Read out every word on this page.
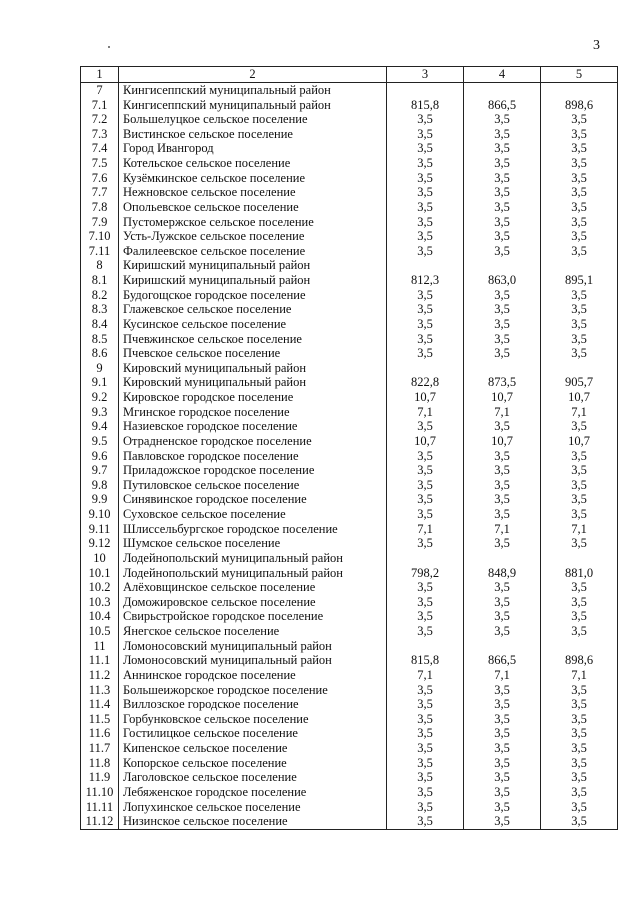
3
1	2	3	4	5
7	Кингисеппский муниципальный район			
7.1	Кингисеппский муниципальный район	815,8	866,5	898,6
7.2	Большелуцкое сельское поселение	3,5	3,5	3,5
7.3	Вистинское сельское поселение	3,5	3,5	3,5
7.4	Город Ивангород	3,5	3,5	3,5
7.5	Котельское сельское поселение	3,5	3,5	3,5
7.6	Кузёмкинское сельское поселение	3,5	3,5	3,5
7.7	Нежновское сельское поселение	3,5	3,5	3,5
7.8	Опольевское сельское поселение	3,5	3,5	3,5
7.9	Пустомержское сельское поселение	3,5	3,5	3,5
7.10	Усть-Лужское сельское поселение	3,5	3,5	3,5
7.11	Фалилеевское сельское поселение	3,5	3,5	3,5
8	Киришский муниципальный район			
8.1	Киришский муниципальный район	812,3	863,0	895,1
8.2	Будогощское городское поселение	3,5	3,5	3,5
8.3	Глажевское сельское поселение	3,5	3,5	3,5
8.4	Кусинское сельское поселение	3,5	3,5	3,5
8.5	Пчевжинское сельское поселение	3,5	3,5	3,5
8.6	Пчевское сельское поселение	3,5	3,5	3,5
9	Кировский муниципальный район			
9.1	Кировский муниципальный район	822,8	873,5	905,7
9.2	Кировское городское поселение	10,7	10,7	10,7
9.3	Мгинское городское поселение	7,1	7,1	7,1
9.4	Назиевское городское поселение	3,5	3,5	3,5
9.5	Отрадненское городское поселение	10,7	10,7	10,7
9.6	Павловское городское поселение	3,5	3,5	3,5
9.7	Приладожское городское поселение	3,5	3,5	3,5
9.8	Путиловское сельское поселение	3,5	3,5	3,5
9.9	Синявинское городское поселение	3,5	3,5	3,5
9.10	Суховское сельское поселение	3,5	3,5	3,5
9.11	Шлиссельбургское городское поселение	7,1	7,1	7,1
9.12	Шумское сельское поселение	3,5	3,5	3,5
10	Лодейнопольский муниципальный район			
10.1	Лодейнопольский муниципальный район	798,2	848,9	881,0
10.2	Алёховщинское сельское поселение	3,5	3,5	3,5
10.3	Доможировское сельское поселение	3,5	3,5	3,5
10.4	Свирьстройское городское поселение	3,5	3,5	3,5
10.5	Янегское сельское поселение	3,5	3,5	3,5
11	Ломоносовский муниципальный район			
11.1	Ломоносовский муниципальный район	815,8	866,5	898,6
11.2	Аннинское городское поселение	7,1	7,1	7,1
11.3	Большеижорское городское поселение	3,5	3,5	3,5
11.4	Виллозское городское поселение	3,5	3,5	3,5
11.5	Горбунковское сельское поселение	3,5	3,5	3,5
11.6	Гостилицкое сельское поселение	3,5	3,5	3,5
11.7	Кипенское сельское поселение	3,5	3,5	3,5
11.8	Копорское сельское поселение	3,5	3,5	3,5
11.9	Лаголовское сельское поселение	3,5	3,5	3,5
11.10	Лебяженское городское поселение	3,5	3,5	3,5
11.11	Лопухинское сельское поселение	3,5	3,5	3,5
11.12	Низинское сельское поселение	3,5	3,5	3,5
